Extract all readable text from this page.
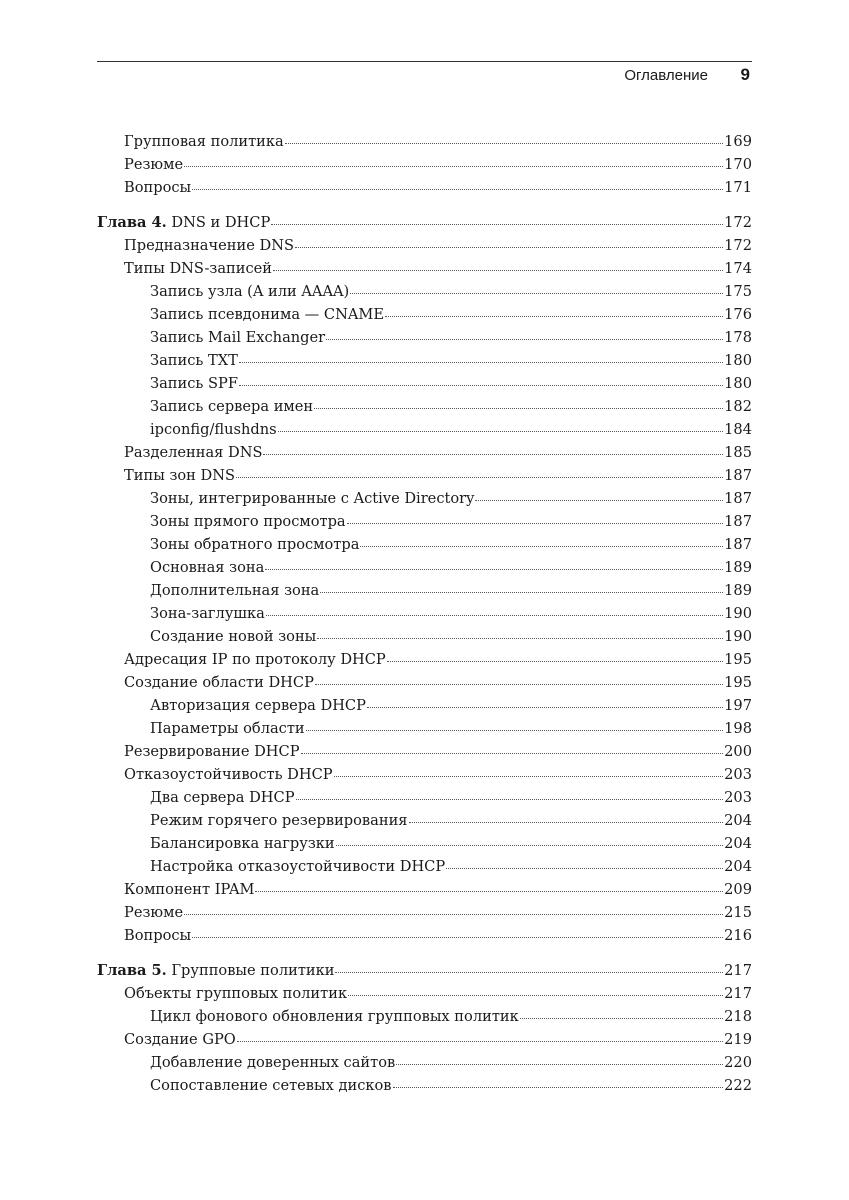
Оглавление 9
Групповая политика	169
Резюме	170
Вопросы	171
Глава 4. DNS и DHCP	172
Предназначение DNS	172
Типы DNS-записей	174
Запись узла (A или AAAA)	175
Запись псевдонима — CNAME	176
Запись Mail Exchanger	178
Запись TXT	180
Запись SPF	180
Запись сервера имен	182
ipconfig/flushdns	184
Разделенная DNS	185
Типы зон DNS	187
Зоны, интегрированные с Active Directory	187
Зоны прямого просмотра	187
Зоны обратного просмотра	187
Основная зона	189
Дополнительная зона	189
Зона-заглушка	190
Создание новой зоны	190
Адресация IP по протоколу DHCP	195
Создание области DHCP	195
Авторизация сервера DHCP	197
Параметры области	198
Резервирование DHCP	200
Отказоустойчивость DHCP	203
Два сервера DHCP	203
Режим горячего резервирования	204
Балансировка нагрузки	204
Настройка отказоустойчивости DHCP	204
Компонент IPAM	209
Резюме	215
Вопросы	216
Глава 5. Групповые политики	217
Объекты групповых политик	217
Цикл фонового обновления групповых политик	218
Создание GPO	219
Добавление доверенных сайтов	220
Сопоставление сетевых дисков	222
